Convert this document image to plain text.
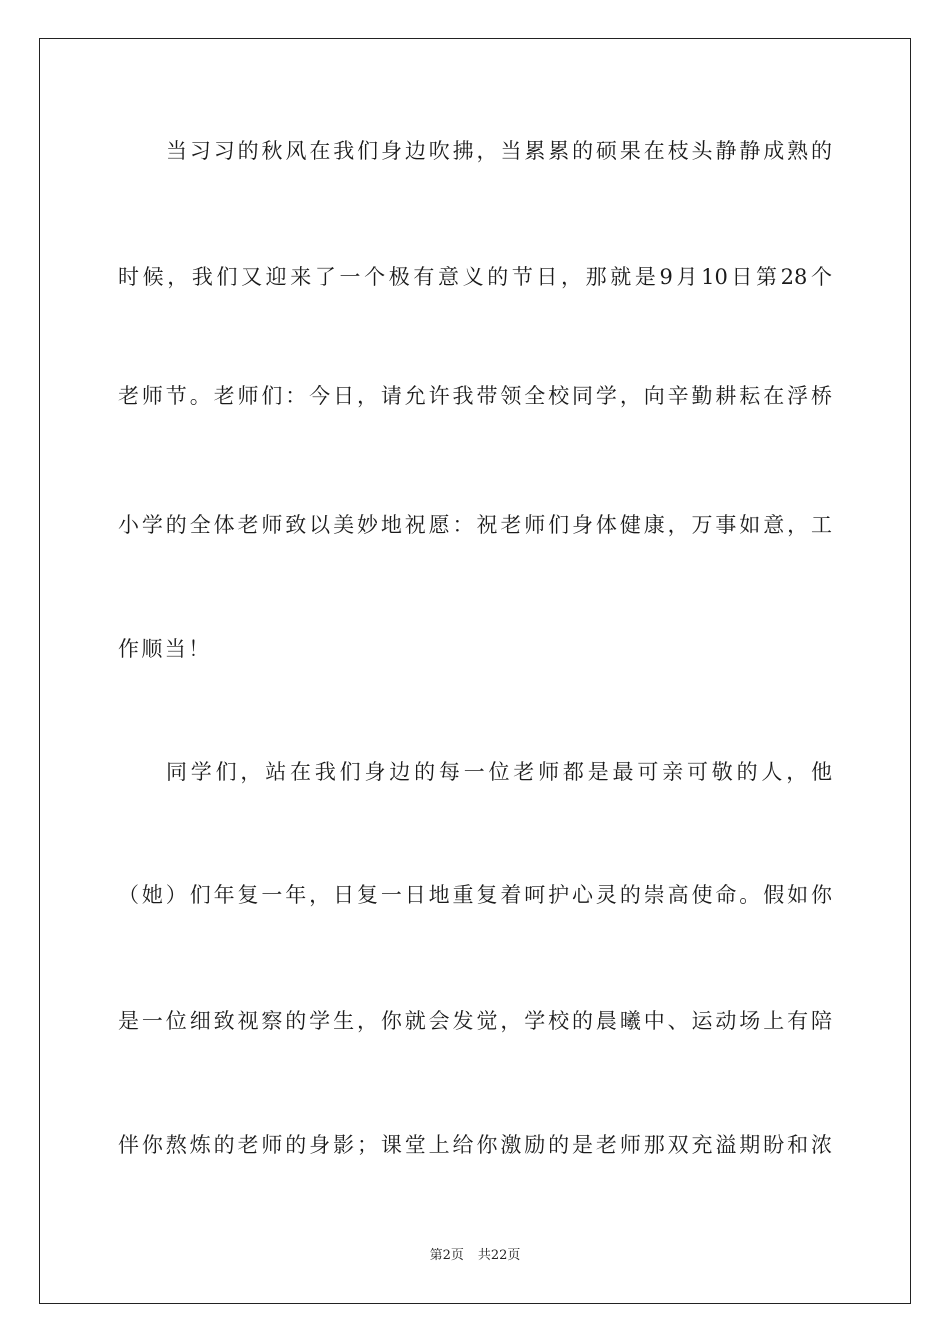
当习习的秋风在我们身边吹拂，当累累的硕果在枝头静静成熟的
时候，我们又迎来了一个极有意义的节日，那就是9月10日第28个
老师节。老师们：今日，请允许我带领全校同学，向辛勤耕耘在浮桥
小学的全体老师致以美妙地祝愿：祝老师们身体健康，万事如意，工
作顺当！
同学们，站在我们身边的每一位老师都是最可亲可敬的人，他
（她）们年复一年，日复一日地重复着呵护心灵的崇高使命。假如你
是一位细致视察的学生，你就会发觉，学校的晨曦中、运动场上有陪
伴你熬炼的老师的身影；课堂上给你激励的是老师那双充溢期盼和浓
第2页 共22页
